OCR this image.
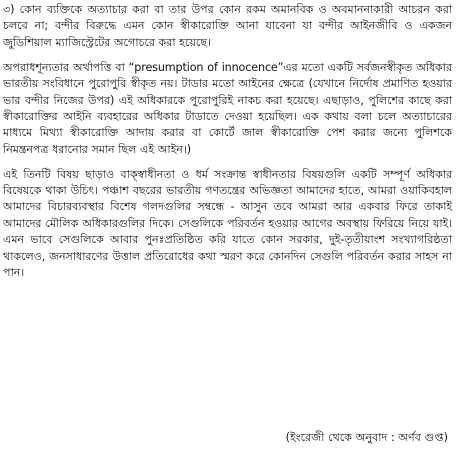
৩) কোন ব্যক্তিকে অত্যাচার করা বা তার উপর কোন রকম অমানবিক ও অবমাননাকারী আচরন করা চলবে না; বন্দীর বিরুদ্ধে এমন কোন স্বীকারোক্তি আনা যাবেনা যা বন্দীর আইনজীবি ও একজন জুডিশিয়াল ম্যাজিস্ট্রেটের অগোচরে করা হয়েছে।

অপরাধশূন্যতার অর্থাপত্তি বা “presumption of innocence”এর মতো একটি সর্বজনস্বীকৃত অধিকার ভারতীয় সংবিধানে পুরোপুরি স্বীকৃত নয়। টাডার মতো আইনের ক্ষেত্রে (যেখানে নির্দোষ প্রমাণিত হওয়ার ভার বন্দীর নিজের উপর) এই অধিকারকে পুরোপুরিই নাকচ করা হয়েছে। এছাড়াও, পুলিশের কাছে করা স্বীকারোক্তির আইনি ব্যবহারের অধিকার টাডাতে দেওয়া হয়েছিল। এক কথায় বলা চলে অত্যাচারের মাধ্যমে মিথ্যা স্বীকারোক্তি আদায় করার বা কোর্টে জাল স্বীকারোক্তি পেশ করার জন্যে পুলিশকে নিমন্ত্রনপত্র ধরানোর সমান ছিল এই আইন।)

এই তিনটি বিষয় ছাড়াও বাক্‌স্বাধীনতা ও ধর্ম সংক্রান্ত স্বাধীনতার বিষয়গুলি একটি সম্পূর্ণ অধিকার বিষেয়কে থাকা উচিৎ। পঞ্চাশ বছরের ভারতীয় গণতন্ত্রের অভিজ্ঞতা আমাদের হাতে, আমরা ওয়াকিবহাল আমাদের বিচারব্যবস্থার বিশেষ গলদগুলির সম্বন্ধে - আসুন তবে আমরা আর একবার ফিরে তাকাই আমাদের মৌলিক অধিকারগুলির দিকে। সেগুলিকে পরিবর্তন হওয়ার আগের অবস্থায় ফিরিয়ে নিয়ে যাই। এমন ভাবে সেগুলিকে আবার পুনঃপ্রতিষ্ঠিত করি যাতে কোন সরকার, দুই-তৃতীয়াংশ সংখ্যাগরিষ্ঠতা থাকলেও, জনসাধারণের উত্তাল প্রতিরোধের কথা স্মরণ করে কোনদিন সেগুলি পরিবর্তন করার সাহস না পান।

(ইংরেজী থেকে অনুবাদ : অর্ণব গুপ্ত)
